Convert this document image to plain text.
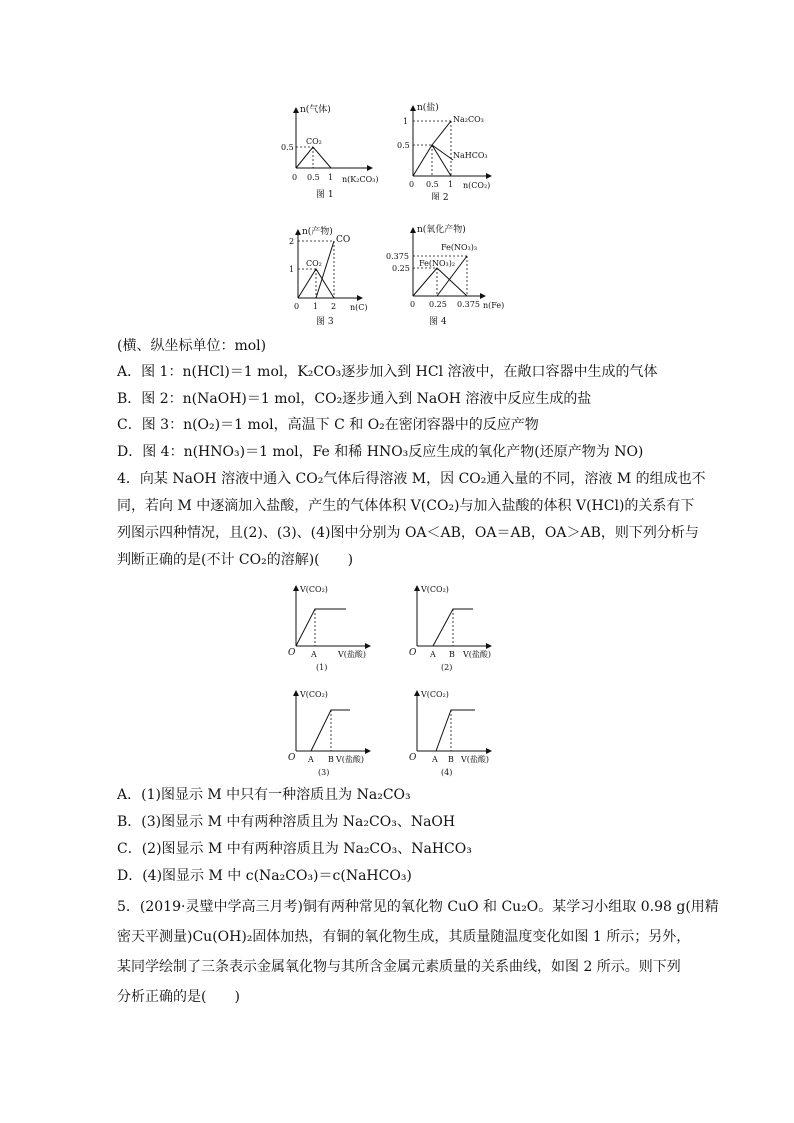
n(气体)
CO₂
0.5
0 0.5 1 n(K₂CO₃)
图 1
n(盐)
Na₂CO₃
NaHCO₃
1
0.5
0 0.5 1 n(CO₂)
图 2
n(产物)
CO₂
CO
2
1
0 1 2 n(C)
图 3
n(氧化产物)
Fe(NO₃)₃
Fe(NO₃)₂
0.375
0.25
0 0.25 0.375 n(Fe)
图 4
(横、纵坐标单位：mol)
A．图 1：n(HCl)＝1 mol，K₂CO₃逐步加入到 HCl 溶液中，在敞口容器中生成的气体
B．图 2：n(NaOH)＝1 mol，CO₂逐步通入到 NaOH 溶液中反应生成的盐
C．图 3：n(O₂)＝1 mol，高温下 C 和 O₂在密闭容器中的反应产物
D．图 4：n(HNO₃)＝1 mol，Fe 和稀 HNO₃反应生成的氧化产物(还原产物为 NO)
4．向某 NaOH 溶液中通入 CO₂气体后得溶液 M，因 CO₂通入量的不同，溶液 M 的组成也不
同，若向 M 中逐滴加入盐酸，产生的气体体积 V(CO₂)与加入盐酸的体积 V(HCl)的关系有下
列图示四种情况，且(2)、(3)、(4)图中分别为 OA＜AB，OA＝AB，OA＞AB，则下列分析与
判断正确的是(不计 CO₂的溶解)(　　)
V(CO₂)
O A	V(盐酸)
(1)
V(CO₂)
O A B V(盐酸)
(2)
V(CO₂)
O A B V(盐酸)
(3)
V(CO₂)
O A B V(盐酸)
(4)
A．(1)图显示 M 中只有一种溶质且为 Na₂CO₃
B．(3)图显示 M 中有两种溶质且为 Na₂CO₃、NaOH
C．(2)图显示 M 中有两种溶质且为 Na₂CO₃、NaHCO₃
D．(4)图显示 M 中 c(Na₂CO₃)＝c(NaHCO₃)
5．(2019·灵璧中学高三月考)铜有两种常见的氧化物 CuO 和 Cu₂O。某学习小组取 0.98 g(用精
密天平测量)Cu(OH)₂固体加热，有铜的氧化物生成，其质量随温度变化如图 1 所示；另外，
某同学绘制了三条表示金属氧化物与其所含金属元素质量的关系曲线，如图 2 所示。则下列
分析正确的是(　　)
